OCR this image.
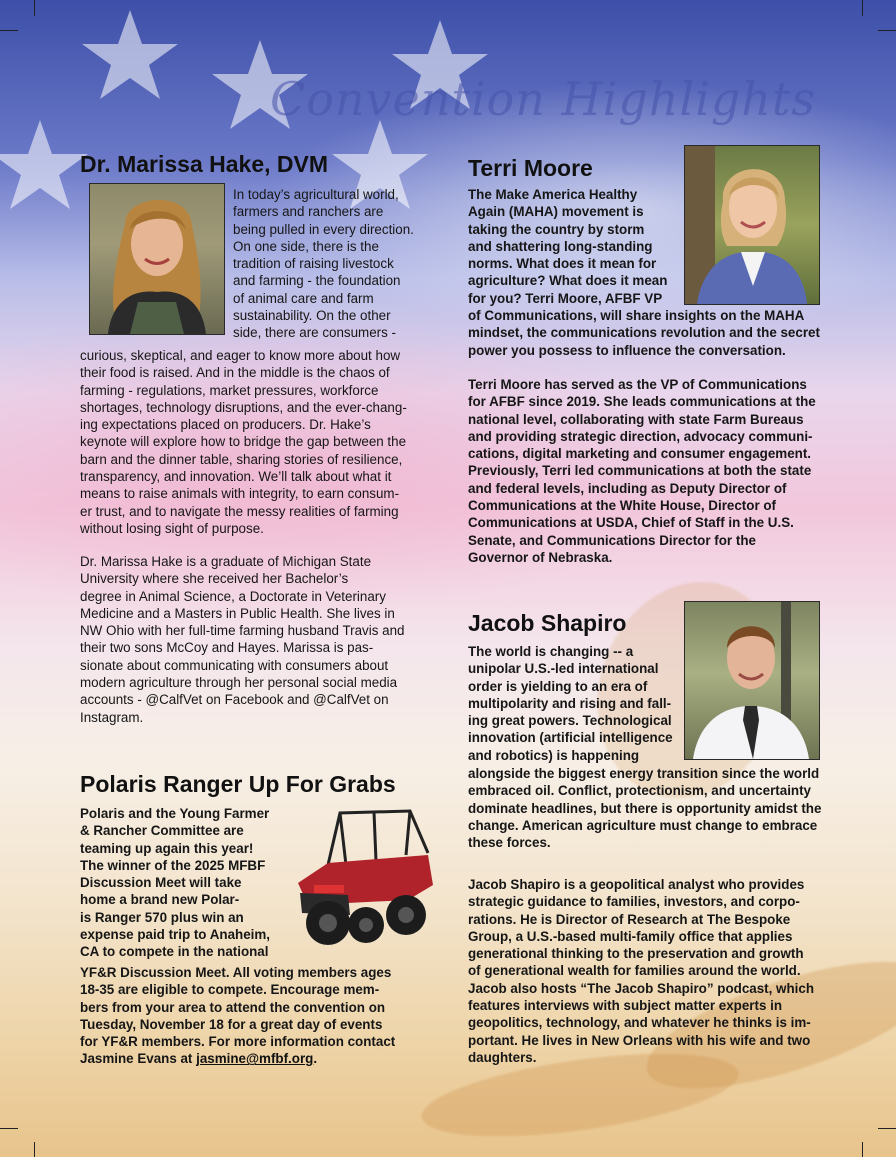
Convention Highlights
Dr. Marissa Hake, DVM
In today’s agricultural world,
farmers and ranchers are
being pulled in every direction.
On one side, there is the
tradition of raising livestock
and farming - the foundation
of animal care and farm
sustainability. On the other
side, there are consumers -
curious, skeptical, and eager to know more about how
their food is raised. And in the middle is the chaos of
farming - regulations, market pressures, workforce
shortages, technology disruptions, and the ever-chang-
ing expectations placed on producers. Dr. Hake’s
keynote will explore how to bridge the gap between the
barn and the dinner table, sharing stories of resilience,
transparency, and innovation. We’ll talk about what it
means to raise animals with integrity, to earn consum-
er trust, and to navigate the messy realities of farming
without losing sight of purpose.
Dr. Marissa Hake is a graduate of Michigan State
University where she received her Bachelor’s
degree in Animal Science, a Doctorate in Veterinary
Medicine and a Masters in Public Health. She lives in
NW Ohio with her full-time farming husband Travis and
their two sons McCoy and Hayes. Marissa is pas-
sionate about communicating with consumers about
modern agriculture through her personal social media
accounts - @CalfVet on Facebook and @CalfVet on
Instagram.
Polaris Ranger Up For Grabs
Polaris and the Young Farmer
& Rancher Committee are
teaming up again this year!
The winner of the 2025 MFBF
Discussion Meet will take
home a brand new Polar-
is Ranger 570 plus win an
expense paid trip to Anaheim,
CA to compete in the national
YF&R Discussion Meet. All voting members ages
18-35 are eligible to compete. Encourage mem-
bers from your area to attend the convention on
Tuesday, November 18 for a great day of events
for YF&R members. For more information contact
Jasmine Evans at jasmine@mfbf.org.
Terri Moore
The Make America Healthy
Again (MAHA) movement is
taking the country by storm
and shattering long-standing
norms. What does it mean for
agriculture? What does it mean
for you? Terri Moore, AFBF VP
of Communications, will share insights on the MAHA
mindset, the communications revolution and the secret
power you possess to influence the conversation.
Terri Moore has served as the VP of Communications
for AFBF since 2019. She leads communications at the
national level, collaborating with state Farm Bureaus
and providing strategic direction, advocacy communi-
cations, digital marketing and consumer engagement.
Previously, Terri led communications at both the state
and federal levels, including as Deputy Director of
Communications at the White House, Director of
Communications at USDA, Chief of Staff in the U.S.
Senate, and Communications Director for the
Governor of Nebraska.
Jacob Shapiro
The world is changing -- a
unipolar U.S.-led international
order is yielding to an era of
multipolarity and rising and fall-
ing great powers. Technological
innovation (artificial intelligence
and robotics) is happening
alongside the biggest energy transition since the world
embraced oil. Conflict, protectionism, and uncertainty
dominate headlines, but there is opportunity amidst the
change. American agriculture must change to embrace
these forces.
Jacob Shapiro is a geopolitical analyst who provides
strategic guidance to families, investors, and corpo-
rations. He is Director of Research at The Bespoke
Group, a U.S.-based multi-family office that applies
generational thinking to the preservation and growth
of generational wealth for families around the world.
Jacob also hosts “The Jacob Shapiro” podcast, which
features interviews with subject matter experts in
geopolitics, technology, and whatever he thinks is im-
portant. He lives in New Orleans with his wife and two
daughters.
